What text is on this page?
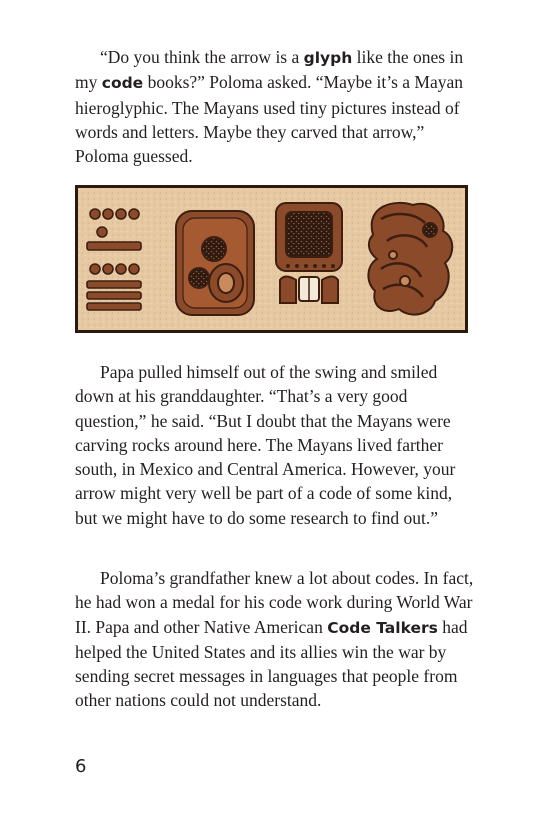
“Do you think the arrow is a glyph like the ones in my code books?” Poloma asked. “Maybe it’s a Mayan hieroglyphic. The Mayans used tiny pictures instead of words and letters. Maybe they carved that arrow,” Poloma guessed.

Papa pulled himself out of the swing and smiled down at his granddaughter. “That’s a very good question,” he said. “But I doubt that the Mayans were carving rocks around here. The Mayans lived farther south, in Mexico and Central America. However, your arrow might very well be part of a code of some kind, but we might have to do some research to find out.”

Poloma’s grandfather knew a lot about codes. In fact, he had won a medal for his code work during World War II. Papa and other Native American Code Talkers had helped the United States and its allies win the war by sending secret messages in languages that people from other nations could not understand.

6
